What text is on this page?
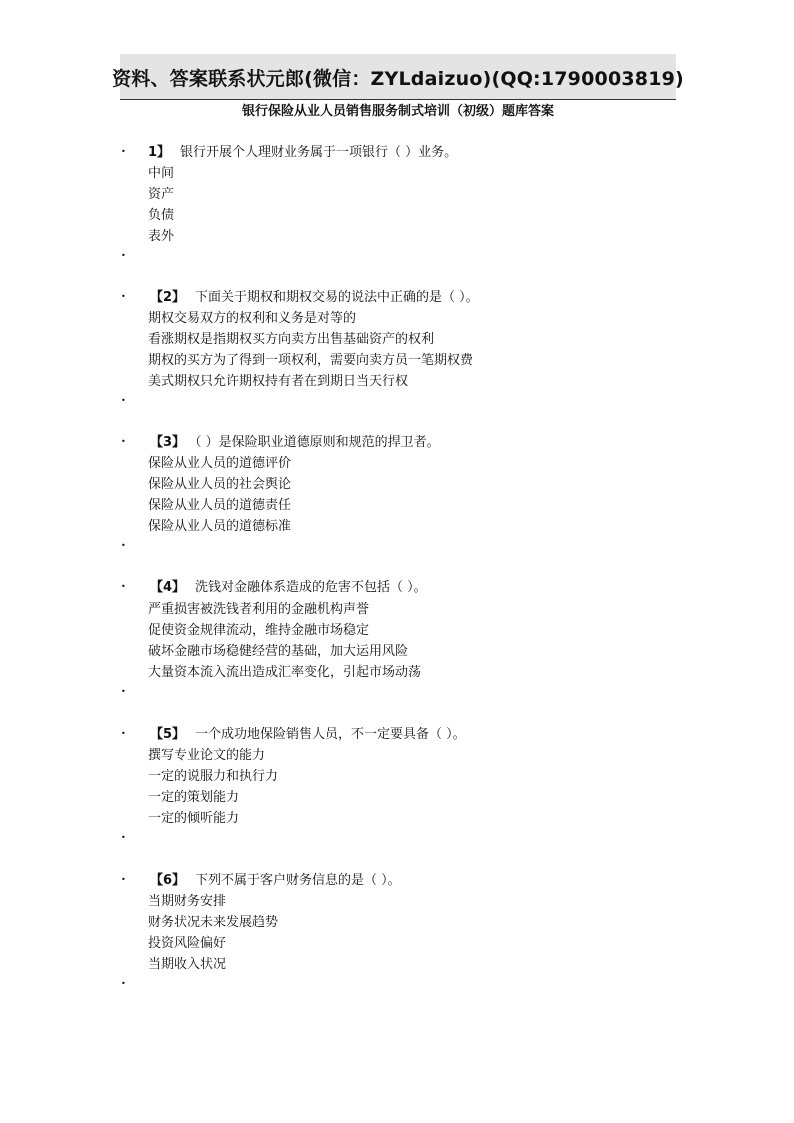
资料、答案联系状元郎(微信：ZYLdaizuo)(QQ:1790003819)
银行保险从业人员销售服务制式培训（初级）题库答案
• 1】 银行开展个人理财业务属于一项银行（ ）业务。
中间
资产
负债
表外
•
• 【2】 下面关于期权和期权交易的说法中正确的是（ ）。
期权交易双方的权利和义务是对等的
看涨期权是指期权买方向卖方出售基础资产的权利
期权的买方为了得到一项权利，需要向卖方员一笔期权费
美式期权只允许期权持有者在到期日当天行权
•
• 【3】 （ ）是保险职业道德原则和规范的捍卫者。
保险从业人员的道德评价
保险从业人员的社会舆论
保险从业人员的道德责任
保险从业人员的道德标准
•
• 【4】 洗钱对金融体系造成的危害不包括（ ）。
严重损害被洗钱者利用的金融机构声誉
促使资金规律流动，维持金融市场稳定
破坏金融市场稳健经营的基础，加大运用风险
大量资本流入流出造成汇率变化，引起市场动荡
•
• 【5】 一个成功地保险销售人员，不一定要具备（ ）。
撰写专业论文的能力
一定的说服力和执行力
一定的策划能力
一定的倾听能力
•
• 【6】 下列不属于客户财务信息的是（ ）。
当期财务安排
财务状况未来发展趋势
投资风险偏好
当期收入状况
•
